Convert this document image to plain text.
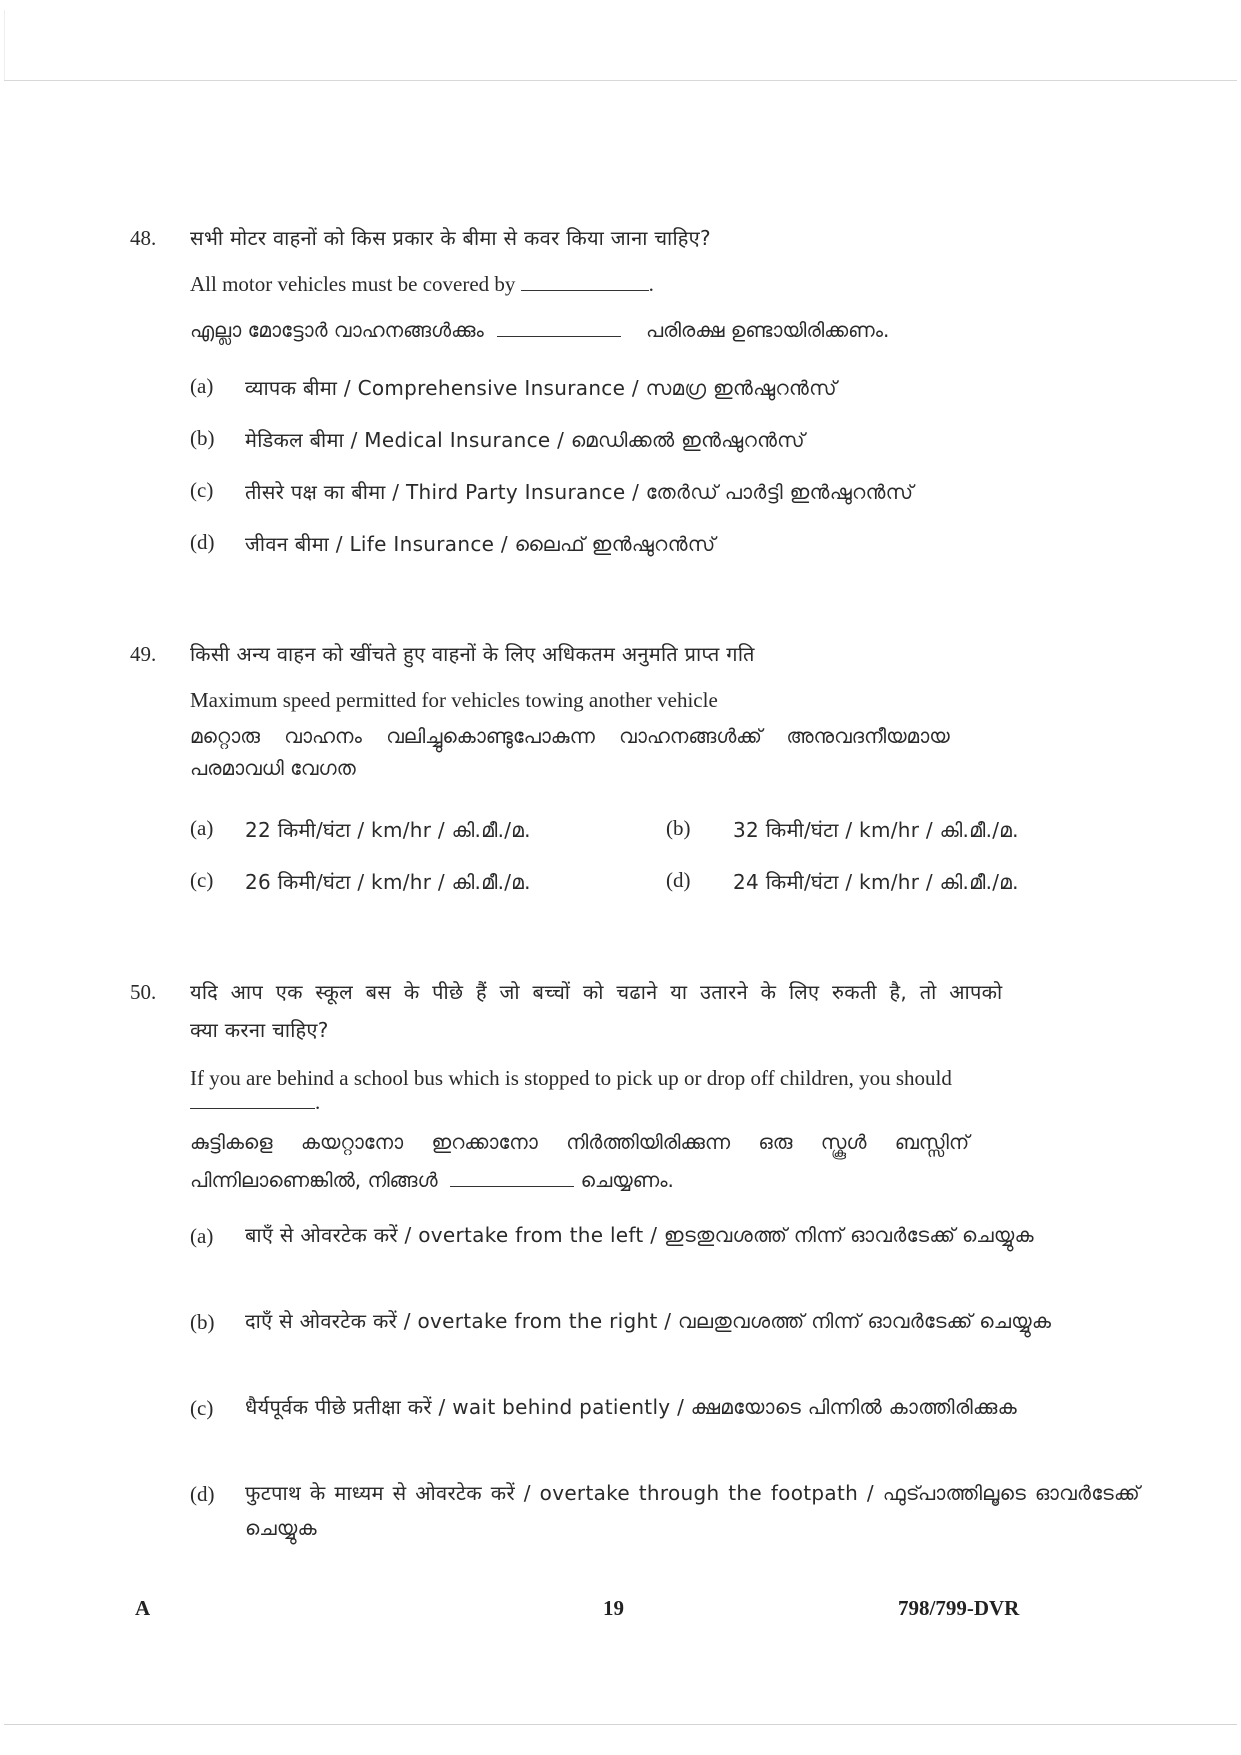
48.	सभी मोटर वाहनों को किस प्रकार के बीमा से कवर किया जाना चाहिए?
All motor vehicles must be covered by	.
എല്ലാ മോട്ടോർ വാഹനങ്ങൾക്കും	പരിരക്ഷ ഉണ്ടായിരിക്കണം.
(a) व्यापक बीमा / Comprehensive Insurance / സമഗ്ര ഇൻഷുറൻസ്
(b) मेडिकल बीमा / Medical Insurance / മെഡിക്കൽ ഇൻഷുറൻസ്
(c) तीसरे पक्ष का बीमा / Third Party Insurance / തേർഡ് പാർട്ടി ഇൻഷുറൻസ്
(d) जीवन बीमा / Life Insurance / ലൈഫ് ഇൻഷുറൻസ്
49.	किसी अन्य वाहन को खींचते हुए वाहनों के लिए अधिकतम अनुमति प्राप्त गति
Maximum speed permitted for vehicles towing another vehicle
മറ്റൊരു വാഹനം വലിച്ചുകൊണ്ടുപോകുന്ന വാഹനങ്ങൾക്ക് അനുവദനീയമായ
പരമാവധി വേഗത
(a) 22 किमी/घंटा / km/hr / കി.മീ./മ.	(b) 32 किमी/घंटा / km/hr / കി.മീ./മ.
(c) 26 किमी/घंटा / km/hr / കി.മീ./മ.	(d) 24 किमी/घंटा / km/hr / കി.മീ./മ.
50.	यदि आप एक स्कूल बस के पीछे हैं जो बच्चों को चढाने या उतारने के लिए रुकती है, तो आपको
क्या करना चाहिए?
If you are behind a school bus which is stopped to pick up or drop off children, you should
.
കുട്ടികളെ കയറ്റാനോ ഇറക്കാനോ നിർത്തിയിരിക്കുന്ന ഒരു സ്കൂൾ ബസ്സിന്
പിന്നിലാണെങ്കിൽ, നിങ്ങൾ	ചെയ്യണം.
(a) बाएँ से ओवरटेक करें / overtake from the left / ഇടതുവശത്ത് നിന്ന് ഓവർടേക്ക് ചെയ്യുക
(b) दाएँ से ओवरटेक करें / overtake from the right / വലതുവശത്ത് നിന്ന് ഓവർടേക്ക് ചെയ്യുക
(c) धैर्यपूर्वक पीछे प्रतीक्षा करें / wait behind patiently / ക്ഷമയോടെ പിന്നിൽ കാത്തിരിക്കുക
(d) फुटपाथ के माध्यम से ओवरटेक करें / overtake through the footpath / ഫുട്പാത്തിലൂടെ ഓവർടേക്ക് ചെയ്യുക
A	19	798/799-DVR
